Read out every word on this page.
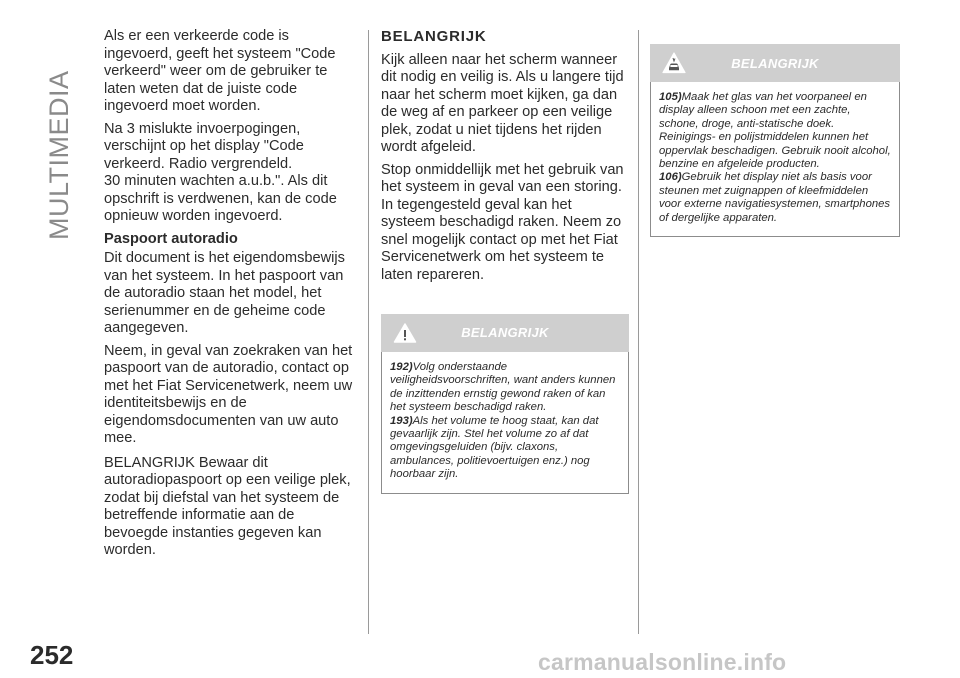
MULTIMEDIA
252

Als er een verkeerde code is ingevoerd, geeft het systeem "Code verkeerd" weer om de gebruiker te laten weten dat de juiste code ingevoerd moet worden.

Na 3 mislukte invoerpogingen, verschijnt op het display "Code verkeerd. Radio vergrendeld.
30 minuten wachten a.u.b.". Als dit opschrift is verdwenen, kan de code opnieuw worden ingevoerd.

Paspoort autoradio

Dit document is het eigendomsbewijs van het systeem. In het paspoort van de autoradio staan het model, het serienummer en de geheime code aangegeven.

Neem, in geval van zoekraken van het paspoort van de autoradio, contact op met het Fiat Servicenetwerk, neem uw identiteitsbewijs en de eigendomsdocumenten van uw auto mee.

BELANGRIJK Bewaar dit autoradiopaspoort op een veilige plek, zodat bij diefstal van het systeem de betreffende informatie aan de bevoegde instanties gegeven kan worden.

BELANGRIJK

Kijk alleen naar het scherm wanneer dit nodig en veilig is. Als u langere tijd naar het scherm moet kijken, ga dan de weg af en parkeer op een veilige plek, zodat u niet tijdens het rijden wordt afgeleid.

Stop onmiddellijk met het gebruik van het systeem in geval van een storing. In tegengesteld geval kan het systeem beschadigd raken. Neem zo snel mogelijk contact op met het Fiat Servicenetwerk om het systeem te laten repareren.

BELANGRIJK
192)Volg onderstaande veiligheidsvoorschriften, want anders kunnen de inzittenden ernstig gewond raken of kan het systeem beschadigd raken.
193)Als het volume te hoog staat, kan dat gevaarlijk zijn. Stel het volume zo af dat omgevingsgeluiden (bijv. claxons, ambulances, politievoertuigen enz.) nog hoorbaar zijn.
BELANGRIJK
105)Maak het glas van het voorpaneel en display alleen schoon met een zachte, schone, droge, anti-statische doek. Reinigings- en polijstmiddelen kunnen het oppervlak beschadigen. Gebruik nooit alcohol, benzine en afgeleide producten.
106)Gebruik het display niet als basis voor steunen met zuignappen of kleefmiddelen voor externe navigatiesystemen, smartphones of dergelijke apparaten.
carmanualsonline.info
